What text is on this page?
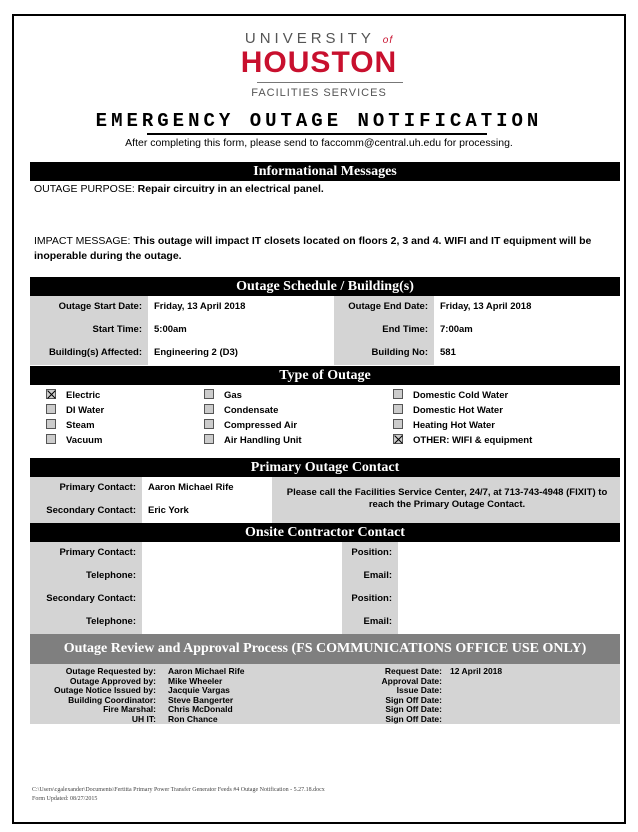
UNIVERSITY of
HOUSTON
FACILITIES SERVICES
EMERGENCY OUTAGE NOTIFICATION
After completing this form, please send to faccomm@central.uh.edu for processing.
Informational Messages
OUTAGE PURPOSE: Repair circuitry in an electrical panel.
IMPACT MESSAGE: This outage will impact IT closets located on floors 2, 3 and 4. WIFI and IT equipment will be inoperable during the outage.
Outage Schedule / Building(s)
Outage Start Date:	Friday, 13 April 2018	Outage End Date:	Friday, 13 April 2018
Start Time:	5:00am	End Time:	7:00am
Building(s) Affected:	Engineering 2 (D3)	Building No:	581
Type of Outage
Electric
DI Water
Steam
Vacuum
Gas
Condensate
Compressed Air
Air Handling Unit
Domestic Cold Water
Domestic Hot Water
Heating Hot Water
OTHER: WIFI & equipment
Primary Outage Contact
Primary Contact:	Aaron Michael Rife
Secondary Contact:	Eric York
Please call the Facilities Service Center, 24/7, at 713-743-4948 (FIXIT) to reach the Primary Outage Contact.
Onsite Contractor Contact
Primary Contact:	Position:
Telephone:	Email:
Secondary Contact:	Position:
Telephone:	Email:
Outage Review and Approval Process (FS COMMUNICATIONS OFFICE USE ONLY)
Outage Requested by: Aaron Michael Rife	Request Date: 12 April 2018
Outage Approved by: Mike Wheeler	Approval Date:
Outage Notice Issued by: Jacquie Vargas	Issue Date:
Building Coordinator: Steve Bangerter	Sign Off Date:
Fire Marshal: Chris McDonald	Sign Off Date:
UH IT: Ron Chance	Sign Off Date:
C:\Users\cgalexander\Documents\Fertitta Primary Power Transfer Generator Feeds #4 Outage Notification - 5.27.18.docx
Form Updated: 08/27/2015
